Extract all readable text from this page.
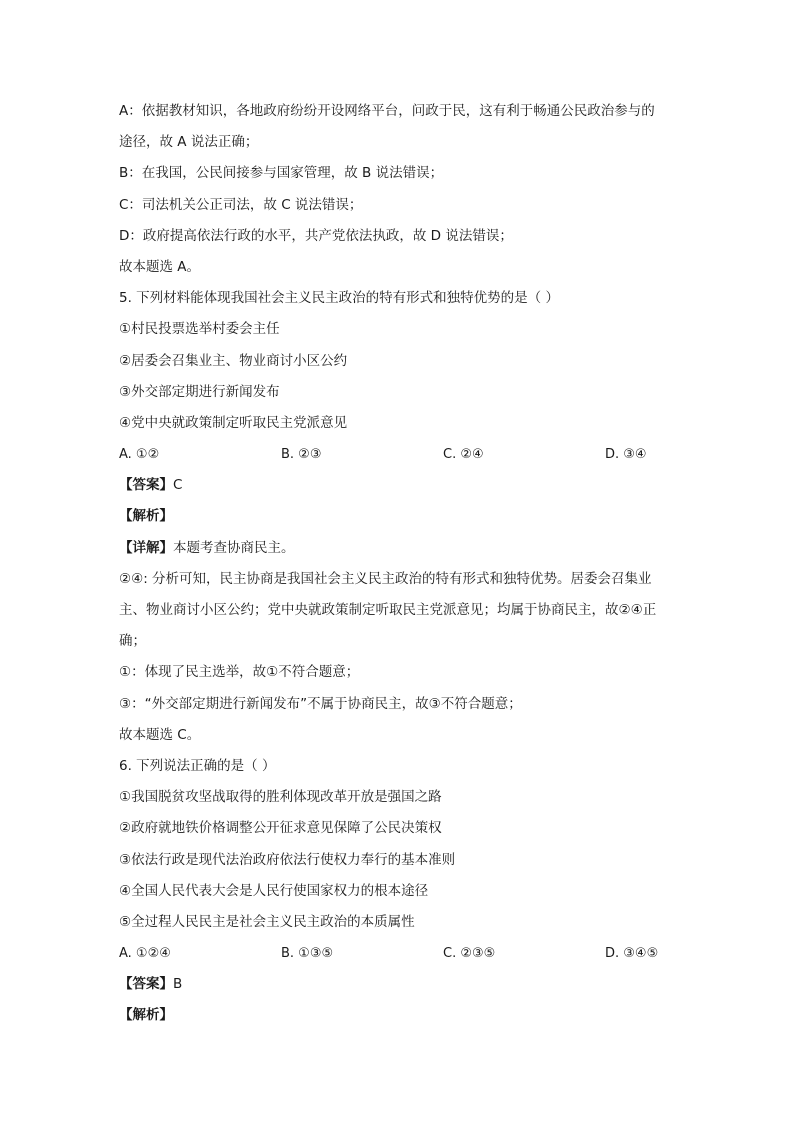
A：依据教材知识，各地政府纷纷开设网络平台，问政于民，这有利于畅通公民政治参与的
途径，故 A 说法正确；
B：在我国，公民间接参与国家管理，故 B 说法错误；
C：司法机关公正司法，故 C 说法错误；
D：政府提高依法行政的水平，共产党依法执政，故 D 说法错误；
故本题选 A。
5. 下列材料能体现我国社会主义民主政治的特有形式和独特优势的是（ ）
①村民投票选举村委会主任
②居委会召集业主、物业商讨小区公约
③外交部定期进行新闻发布
④党中央就政策制定听取民主党派意见
A. ①②	B. ②③	C. ②④	D. ③④
【答案】C
【解析】
【详解】本题考查协商民主。
②④: 分析可知，民主协商是我国社会主义民主政治的特有形式和独特优势。居委会召集业
主、物业商讨小区公约；党中央就政策制定听取民主党派意见；均属于协商民主，故②④正
确；
①：体现了民主选举，故①不符合题意；
③：“外交部定期进行新闻发布”不属于协商民主，故③不符合题意；
故本题选 C。
6. 下列说法正确的是（ ）
①我国脱贫攻坚战取得的胜利体现改革开放是强国之路
②政府就地铁价格调整公开征求意见保障了公民决策权
③依法行政是现代法治政府依法行使权力奉行的基本准则
④全国人民代表大会是人民行使国家权力的根本途径
⑤全过程人民民主是社会主义民主政治的本质属性
A. ①②④	B. ①③⑤	C. ②③⑤	D. ③④⑤
【答案】B
【解析】
